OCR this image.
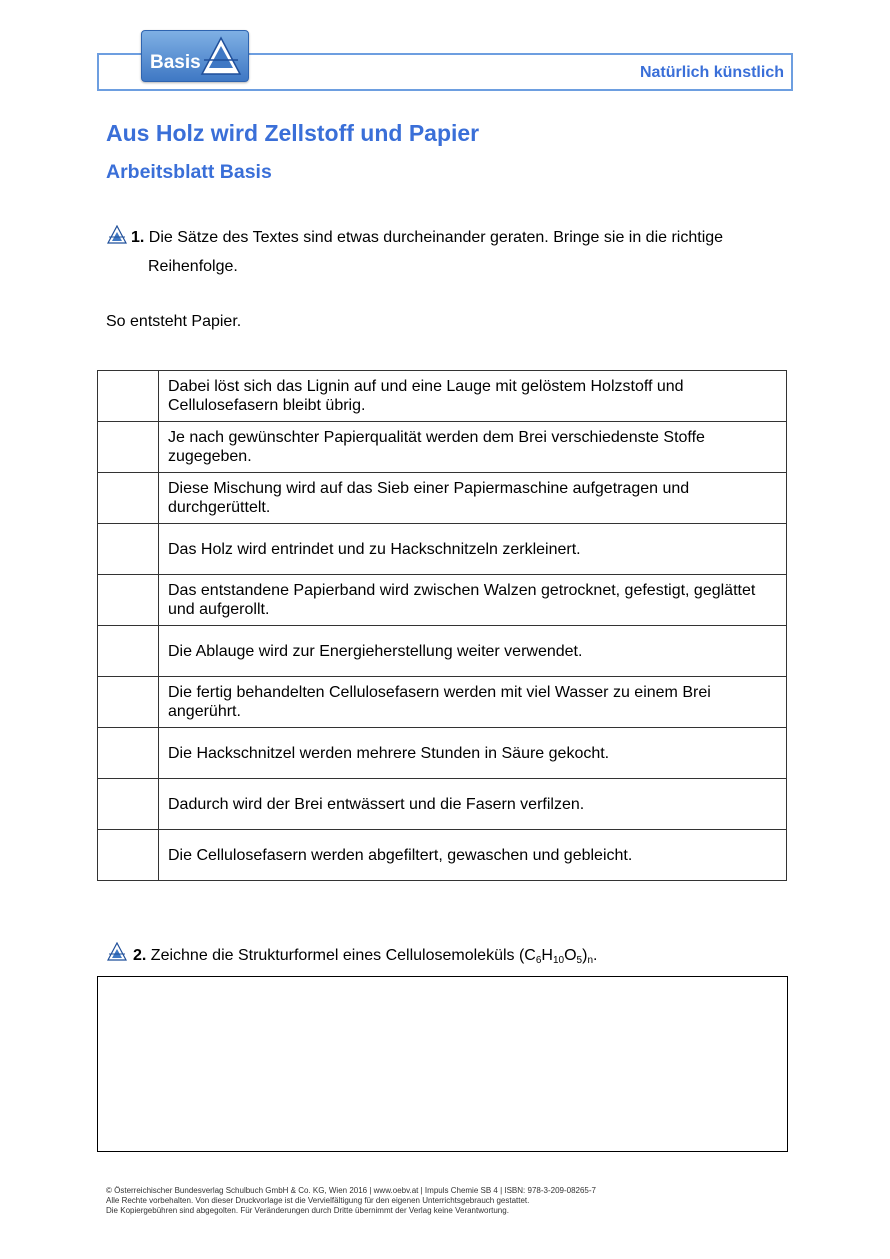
Basis	Natürlich künstlich
Aus Holz wird Zellstoff und Papier
Arbeitsblatt Basis
1. Die Sätze des Textes sind etwas durcheinander geraten. Bringe sie in die richtige
Reihenfolge.
So entsteht Papier.
	Dabei löst sich das Lignin auf und eine Lauge mit gelöstem Holzstoff und Cellulosefasern bleibt übrig.
	Je nach gewünschter Papierqualität werden dem Brei verschiedenste Stoffe zugegeben.
	Diese Mischung wird auf das Sieb einer Papiermaschine aufgetragen und durchgerüttelt.
	Das Holz wird entrindet und zu Hackschnitzeln zerkleinert.
	Das entstandene Papierband wird zwischen Walzen getrocknet, gefestigt, geglättet und aufgerollt.
	Die Ablauge wird zur Energieherstellung weiter verwendet.
	Die fertig behandelten Cellulosefasern werden mit viel Wasser zu einem Brei angerührt.
	Die Hackschnitzel werden mehrere Stunden in Säure gekocht.
	Dadurch wird der Brei entwässert und die Fasern verfilzen.
	Die Cellulosefasern werden abgefiltert, gewaschen und gebleicht.
2. Zeichne die Strukturformel eines Cellulosemoleküls $(C_6H_{10}O_5)_n$.
© Österreichischer Bundesverlag Schulbuch GmbH & Co. KG, Wien 2016 | www.oebv.at | Impuls Chemie SB 4 | ISBN: 978-3-209-08265-7
Alle Rechte vorbehalten. Von dieser Druckvorlage ist die Vervielfältigung für den eigenen Unterrichtsgebrauch gestattet.
Die Kopiergebühren sind abgegolten. Für Veränderungen durch Dritte übernimmt der Verlag keine Verantwortung.
